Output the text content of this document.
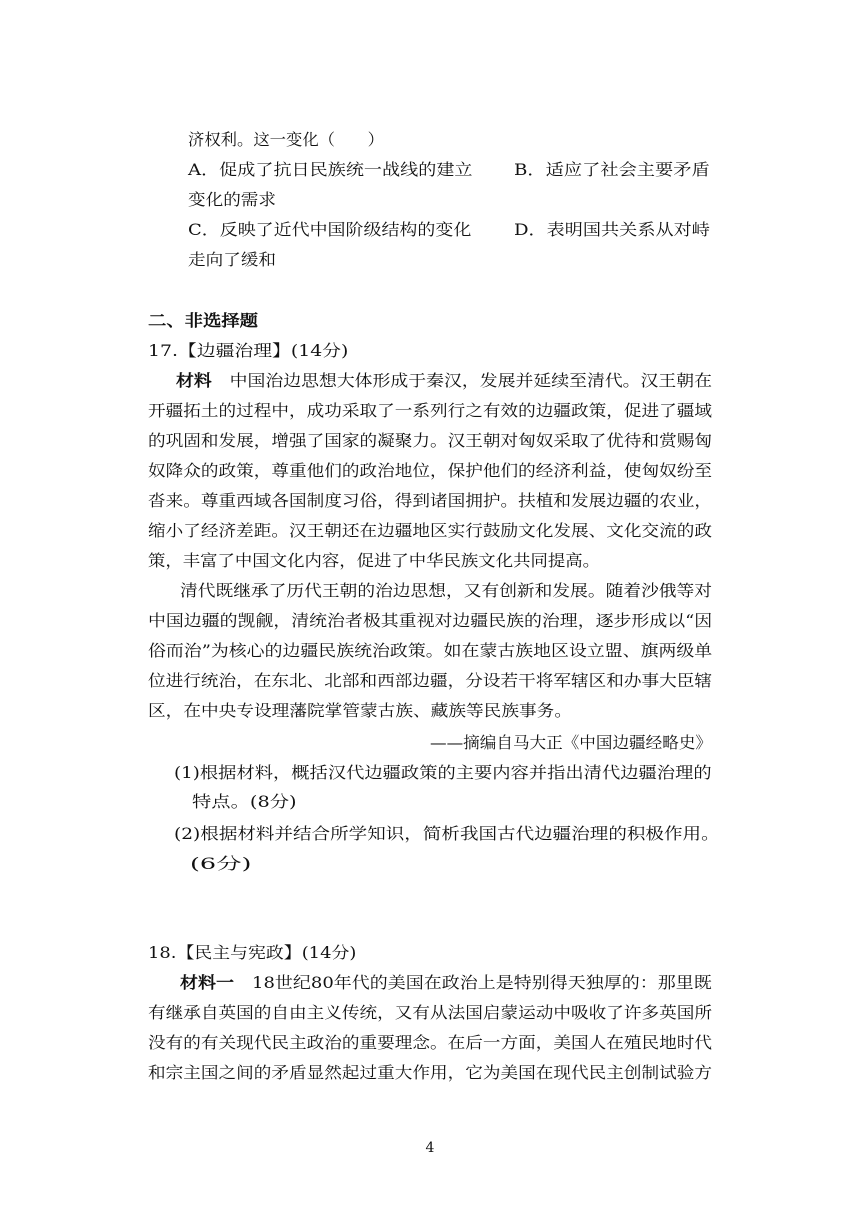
济权利。这一变化（　　）
A．促成了抗日民族统一战线的建立	B．适应了社会主要矛盾
变化的需求
C．反映了近代中国阶级结构的变化	D．表明国共关系从对峙
走向了缓和
二、非选择题
17.【边疆治理】(14分)
材料  中国治边思想大体形成于秦汉，发展并延续至清代。汉王朝在
开疆拓土的过程中，成功采取了一系列行之有效的边疆政策，促进了疆域
的巩固和发展，增强了国家的凝聚力。汉王朝对匈奴采取了优待和赏赐匈
奴降众的政策，尊重他们的政治地位，保护他们的经济利益，使匈奴纷至
沓来。尊重西域各国制度习俗，得到诸国拥护。扶植和发展边疆的农业，
缩小了经济差距。汉王朝还在边疆地区实行鼓励文化发展、文化交流的政
策，丰富了中国文化内容，促进了中华民族文化共同提高。
清代既继承了历代王朝的治边思想，又有创新和发展。随着沙俄等对
中国边疆的觊觎，清统治者极其重视对边疆民族的治理，逐步形成以“因
俗而治”为核心的边疆民族统治政策。如在蒙古族地区设立盟、旗两级单
位进行统治，在东北、北部和西部边疆，分设若干将军辖区和办事大臣辖
区，在中央专设理藩院掌管蒙古族、藏族等民族事务。
——摘编自马大正《中国边疆经略史》
(1)根据材料，概括汉代边疆政策的主要内容并指出清代边疆治理的
特点。(8分)
(2)根据材料并结合所学知识，简析我国古代边疆治理的积极作用。
(6分)
18.【民主与宪政】(14分)
材料一  18世纪80年代的美国在政治上是特别得天独厚的：那里既
有继承自英国的自由主义传统，又有从法国启蒙运动中吸收了许多英国所
没有的有关现代民主政治的重要理念。在后一方面，美国人在殖民地时代
和宗主国之间的矛盾显然起过重大作用，它为美国在现代民主创制试验方
4
